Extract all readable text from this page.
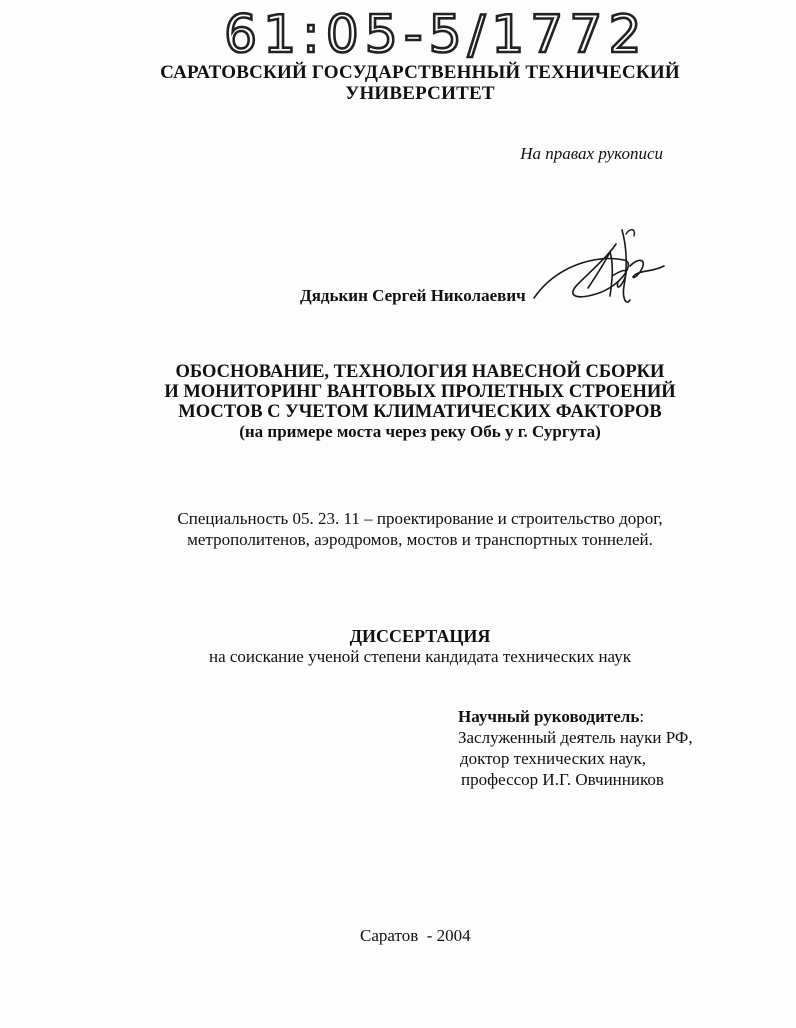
61:05-5/1772
САРАТОВСКИЙ ГОСУДАРСТВЕННЫЙ ТЕХНИЧЕСКИЙ
УНИВЕРСИТЕТ
На правах рукописи
Дядькин Сергей Николаевич
ОБОСНОВАНИЕ, ТЕХНОЛОГИЯ НАВЕСНОЙ СБОРКИ
И МОНИТОРИНГ ВАНТОВЫХ ПРОЛЕТНЫХ СТРОЕНИЙ
МОСТОВ С УЧЕТОМ КЛИМАТИЧЕСКИХ ФАКТОРОВ
(на примере моста через реку Обь у г. Сургута)
Специальность 05. 23. 11 – проектирование и строительство дорог,
метрополитенов, аэродромов, мостов и транспортных тоннелей.
ДИССЕРТАЦИЯ
на соискание ученой степени кандидата технических наук
Научный руководитель:
Заслуженный деятель науки РФ,
доктор технических наук,
профессор И.Г. Овчинников
Саратов  - 2004
